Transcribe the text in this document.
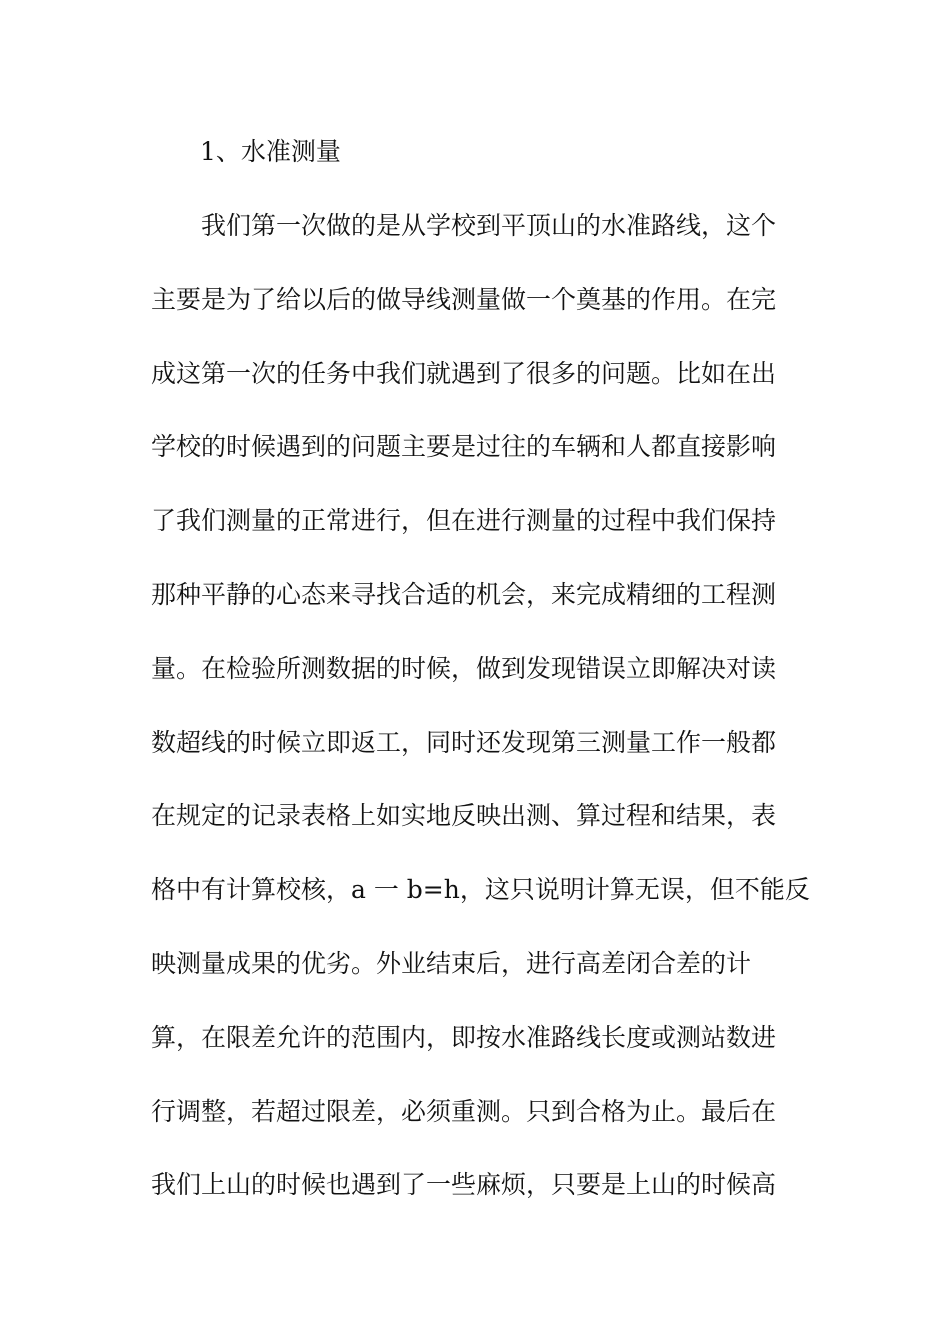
1、水准测量
我们第一次做的是从学校到平顶山的水准路线，这个
主要是为了给以后的做导线测量做一个奠基的作用。在完
成这第一次的任务中我们就遇到了很多的问题。比如在出
学校的时候遇到的问题主要是过往的车辆和人都直接影响
了我们测量的正常进行，但在进行测量的过程中我们保持
那种平静的心态来寻找合适的机会，来完成精细的工程测
量。在检验所测数据的时候，做到发现错误立即解决对读
数超线的时候立即返工，同时还发现第三测量工作一般都
在规定的记录表格上如实地反映出测、算过程和结果，表
格中有计算校核，a 一 b=h，这只说明计算无误，但不能反
映测量成果的优劣。外业结束后，进行高差闭合差的计
算，在限差允许的范围内，即按水准路线长度或测站数进
行调整，若超过限差，必须重测。只到合格为止。最后在
我们上山的时候也遇到了一些麻烦，只要是上山的时候高
